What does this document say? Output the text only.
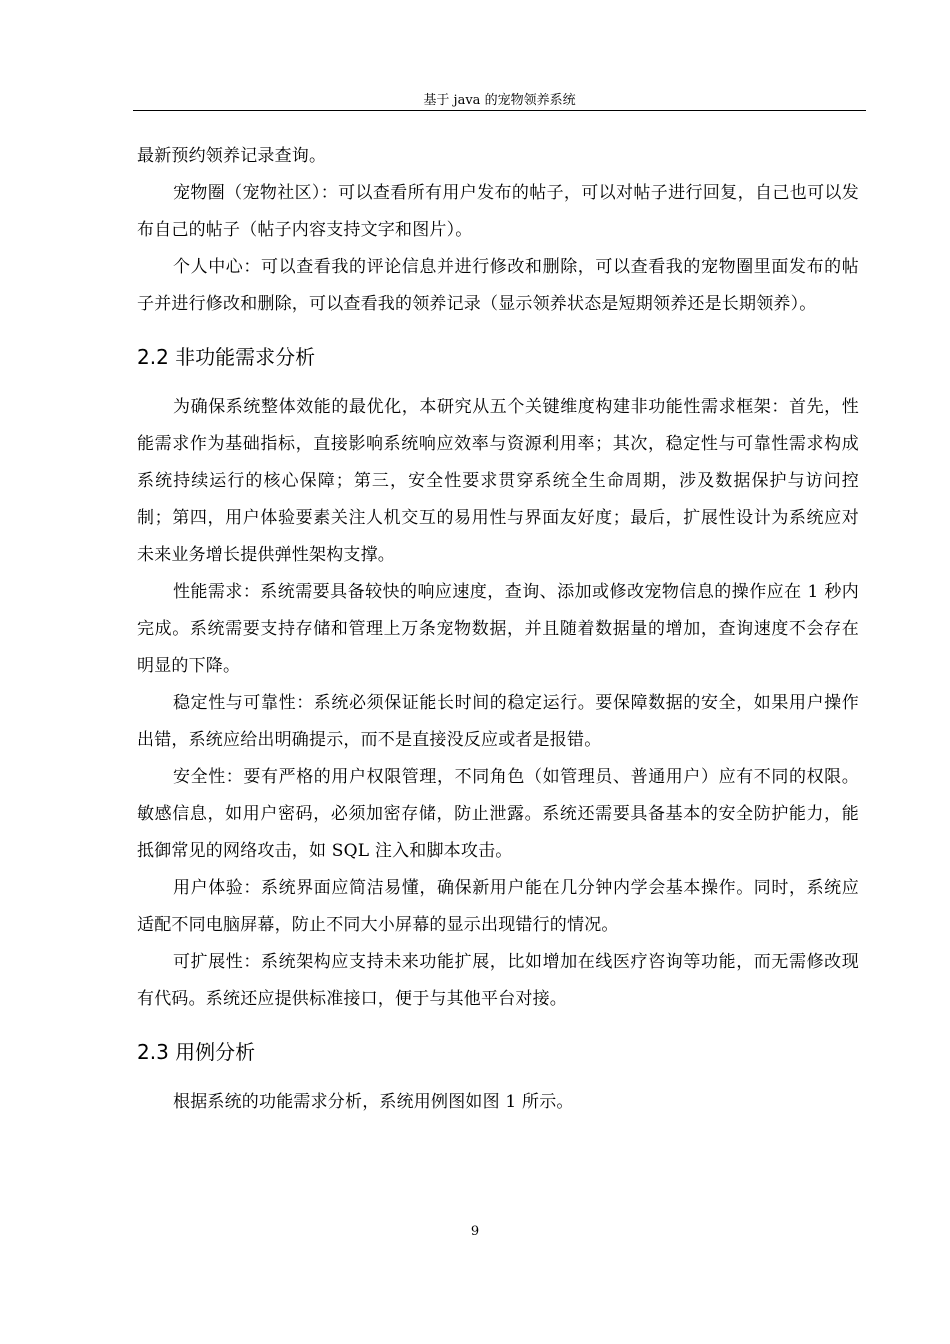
基于 java 的宠物领养系统

最新预约领养记录查询。

宠物圈（宠物社区）：可以查看所有用户发布的帖子，可以对帖子进行回复，自己也可以发布自己的帖子（帖子内容支持文字和图片）。

个人中心：可以查看我的评论信息并进行修改和删除，可以查看我的宠物圈里面发布的帖子并进行修改和删除，可以查看我的领养记录（显示领养状态是短期领养还是长期领养）。

2.2 非功能需求分析

为确保系统整体效能的最优化，本研究从五个关键维度构建非功能性需求框架：首先，性能需求作为基础指标，直接影响系统响应效率与资源利用率；其次，稳定性与可靠性需求构成系统持续运行的核心保障；第三，安全性要求贯穿系统全生命周期，涉及数据保护与访问控制；第四，用户体验要素关注人机交互的易用性与界面友好度；最后，扩展性设计为系统应对未来业务增长提供弹性架构支撑。

性能需求：系统需要具备较快的响应速度，查询、添加或修改宠物信息的操作应在 1 秒内完成。系统需要支持存储和管理上万条宠物数据，并且随着数据量的增加，查询速度不会存在明显的下降。

稳定性与可靠性：系统必须保证能长时间的稳定运行。要保障数据的安全，如果用户操作出错，系统应给出明确提示，而不是直接没反应或者是报错。

安全性：要有严格的用户权限管理，不同角色（如管理员、普通用户）应有不同的权限。敏感信息，如用户密码，必须加密存储，防止泄露。系统还需要具备基本的安全防护能力，能抵御常见的网络攻击，如 SQL 注入和脚本攻击。

用户体验：系统界面应简洁易懂，确保新用户能在几分钟内学会基本操作。同时，系统应适配不同电脑屏幕，防止不同大小屏幕的显示出现错行的情况。

可扩展性：系统架构应支持未来功能扩展，比如增加在线医疗咨询等功能，而无需修改现有代码。系统还应提供标准接口，便于与其他平台对接。

2.3 用例分析

根据系统的功能需求分析，系统用例图如图 1 所示。

9
